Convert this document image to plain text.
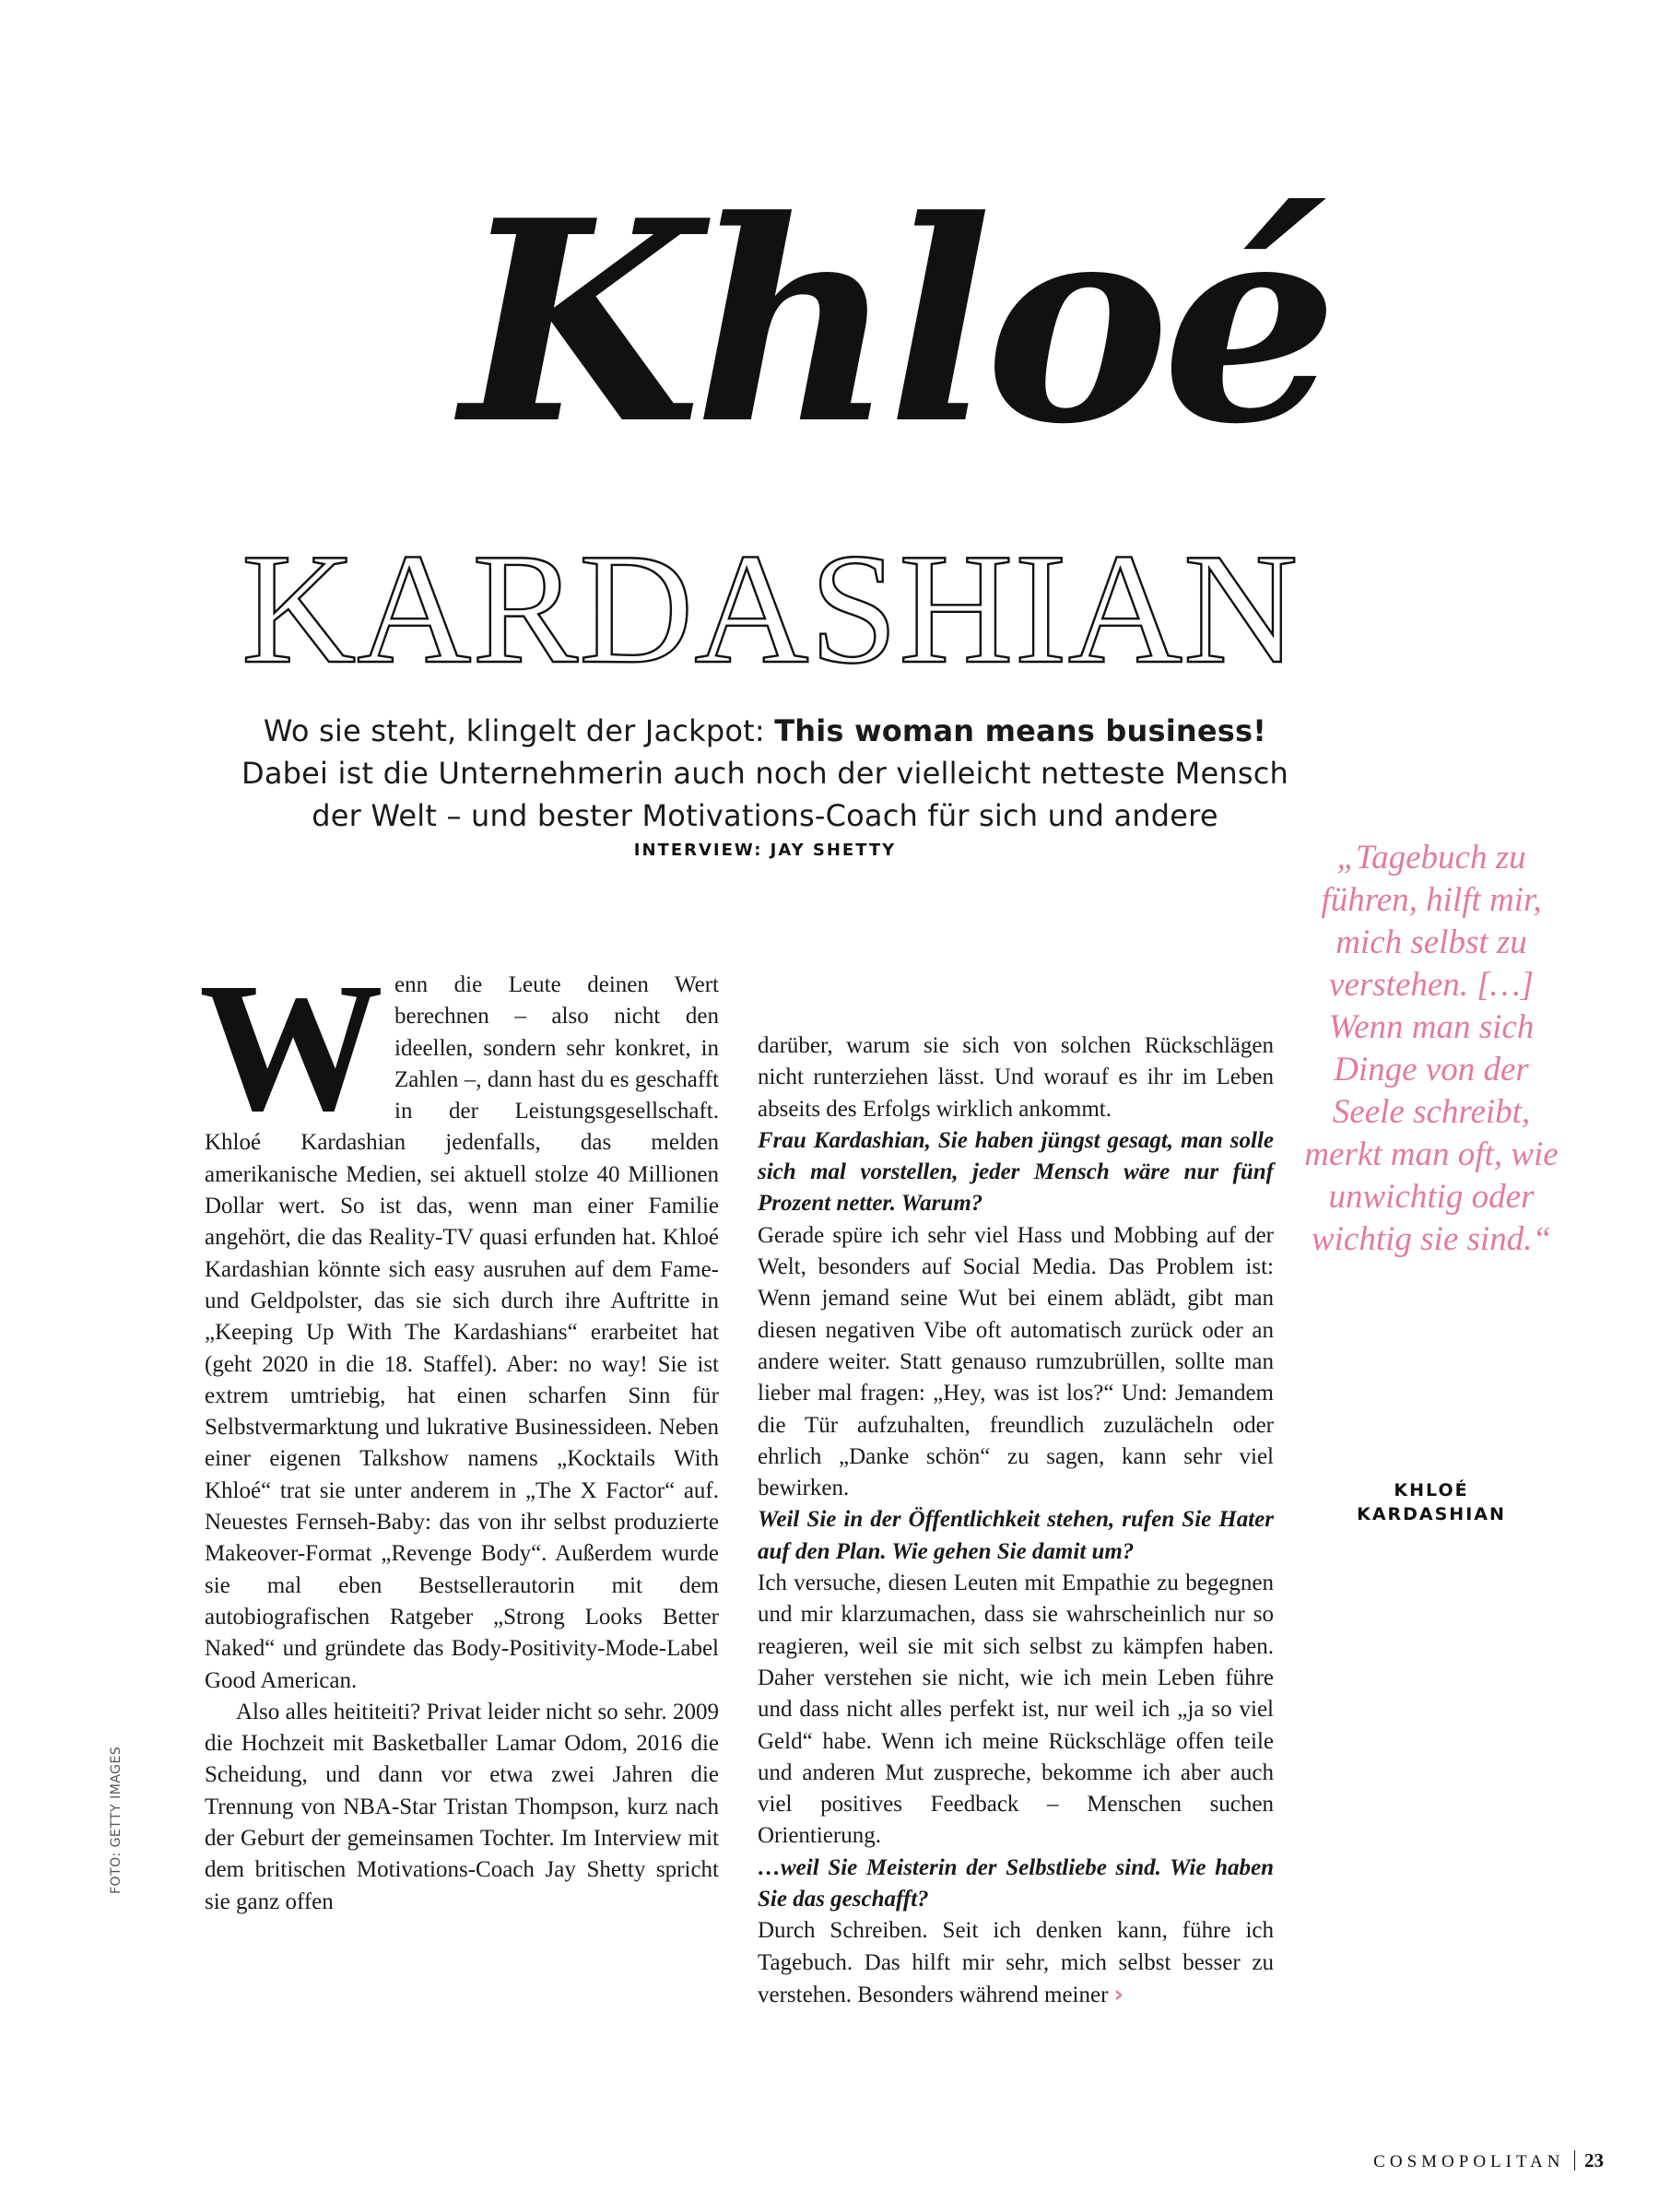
Khloé
KARDASHIAN
Wo sie steht, klingelt der Jackpot: This woman means business! Dabei ist die Unternehmerin auch noch der vielleicht netteste Mensch der Welt – und bester Motivations-Coach für sich und andere
INTERVIEW: JAY SHETTY

Wenn die Leute deinen Wert berechnen – also nicht den ideellen, sondern sehr konkret, in Zahlen –, dann hast du es geschafft in der Leistungsgesellschaft. Khloé Kardashian jedenfalls, das melden amerikanische Medien, sei aktuell stolze 40 Millionen Dollar wert. So ist das, wenn man einer Familie angehört, die das Reality-TV quasi erfunden hat. Khloé Kardashian könnte sich easy ausruhen auf dem Fame- und Geldpolster, das sie sich durch ihre Auftritte in „Keeping Up With The Kardashians“ erarbeitet hat (geht 2020 in die 18. Staffel). Aber: no way! Sie ist extrem umtriebig, hat einen scharfen Sinn für Selbstvermarktung und lukrative Businessideen. Neben einer eigenen Talkshow namens „Kocktails With Khloé“ trat sie unter anderem in „The X Factor“ auf. Neuestes Fernseh-Baby: das von ihr selbst produzierte Makeover-Format „Revenge Body“. Außerdem wurde sie mal eben Bestsellerautorin mit dem autobiografischen Ratgeber „Strong Looks Better Naked“ und gründete das Body-Positivity-Mode-Label Good American.

Also alles heititeiti? Privat leider nicht so sehr. 2009 die Hochzeit mit Basketballer Lamar Odom, 2016 die Scheidung, und dann vor etwa zwei Jahren die Trennung von NBA-Star Tristan Thompson, kurz nach der Geburt der gemeinsamen Tochter. Im Interview mit dem britischen Motivations-Coach Jay Shetty spricht sie ganz offen

darüber, warum sie sich von solchen Rückschlägen nicht runterziehen lässt. Und worauf es ihr im Leben abseits des Erfolgs wirklich ankommt.

Frau Kardashian, Sie haben jüngst gesagt, man solle sich mal vorstellen, jeder Mensch wäre nur fünf Prozent netter. Warum?

Gerade spüre ich sehr viel Hass und Mobbing auf der Welt, besonders auf Social Media. Das Problem ist: Wenn jemand seine Wut bei einem ablädt, gibt man diesen negativen Vibe oft automatisch zurück oder an andere weiter. Statt genauso rumzubrüllen, sollte man lieber mal fragen: „Hey, was ist los?“ Und: Jemandem die Tür aufzuhalten, freundlich zuzulächeln oder ehrlich „Danke schön“ zu sagen, kann sehr viel bewirken.

Weil Sie in der Öffentlichkeit stehen, rufen Sie Hater auf den Plan. Wie gehen Sie damit um?

Ich versuche, diesen Leuten mit Empathie zu begegnen und mir klarzumachen, dass sie wahrscheinlich nur so reagieren, weil sie mit sich selbst zu kämpfen haben. Daher verstehen sie nicht, wie ich mein Leben führe und dass nicht alles perfekt ist, nur weil ich „ja so viel Geld“ habe. Wenn ich meine Rückschläge offen teile und anderen Mut zuspreche, bekomme ich aber auch viel positives Feedback – Menschen suchen Orientierung.

…weil Sie Meisterin der Selbstliebe sind. Wie haben Sie das geschafft?

Durch Schreiben. Seit ich denken kann, führe ich Tagebuch. Das hilft mir sehr, mich selbst besser zu verstehen. Besonders während meiner ›

„Tagebuch zu führen, hilft mir, mich selbst zu verstehen. […] Wenn man sich Dinge von der Seele schreibt, merkt man oft, wie unwichtig oder wichtig sie sind.“
KHLOÉ
KARDASHIAN
FOTO: GETTY IMAGES
COSMOPOLITAN 23
